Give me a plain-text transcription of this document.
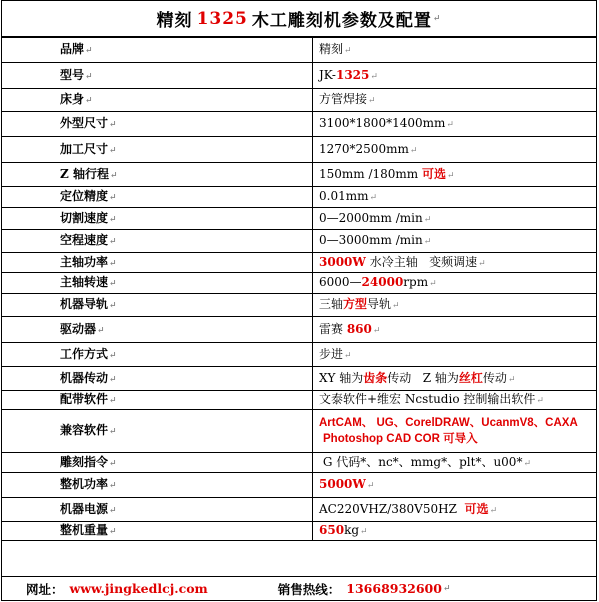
精刻 1325 木工雕刻机参数及配置 ↵
品牌↵	精刻↵
型号↵	JK-1325↵
床身↵	方管焊接↵
外型尺寸↵	3100*1800*1400mm↵
加工尺寸↵	1270*2500mm↵
Z 轴行程↵	150mm /180mm 可选↵
定位精度↵	0.01mm↵
切割速度↵	0—2000mm /min↵
空程速度↵	0—3000mm /min↵
主轴功率↵	3000W 水冷主轴   变频调速↵
主轴转速↵	6000—24000rpm↵
机器导轨↵	三轴方型导轨↵
驱动器↵	雷赛 860↵
工作方式↵	步进↵
机器传动↵	XY 轴为齿条传动   Z 轴为丝杠传动↵
配带软件↵	文泰软件+维宏 Ncstudio 控制输出软件↵
兼容软件↵	ArtCAM、 UG、CorelDRAW、UcanmV8、CAXA
Photoshop CAD COR 可导入

雕刻指令↵	G 代码*、nc*、mmg*、plt*、u00*↵
整机功率↵	5000W↵
机器电源↵	AC220VHZ/380V50HZ  可选↵
整机重量↵	650kg↵
网址： www.jingkedlcj.com	销售热线： 13668932600 ↵
